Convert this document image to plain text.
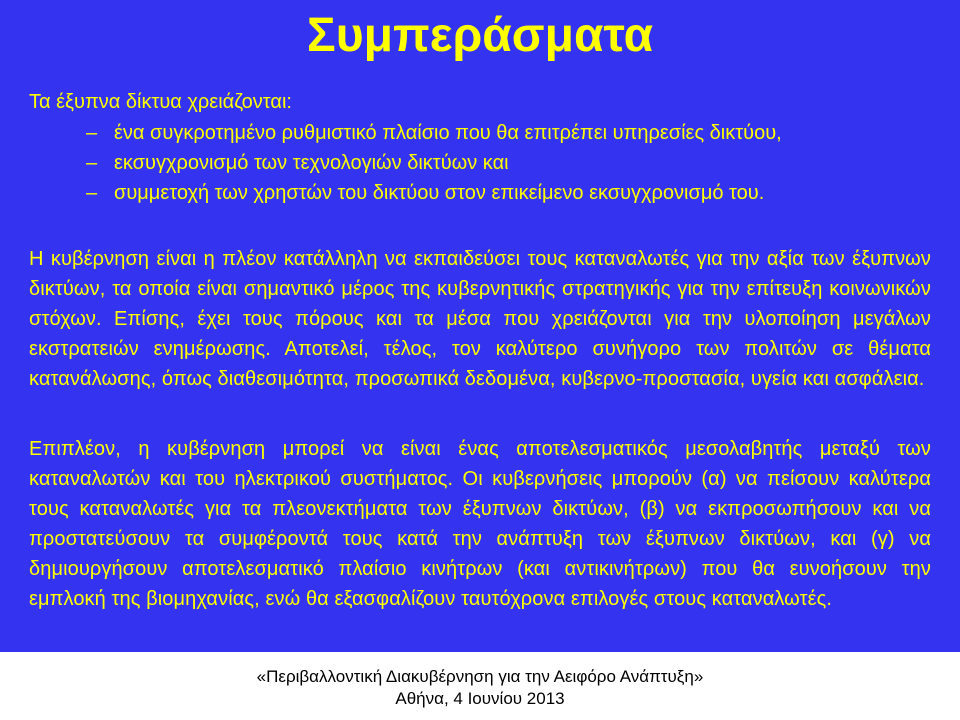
Συμπεράσματα
Τα έξυπνα δίκτυα χρειάζονται:
– ένα συγκροτημένο ρυθμιστικό πλαίσιο που θα επιτρέπει υπηρεσίες δικτύου,
– εκσυγχρονισμό των τεχνολογιών δικτύων και
– συμμετοχή των χρηστών του δικτύου στον επικείμενο εκσυγχρονισμό του.

Η κυβέρνηση είναι η πλέον κατάλληλη να εκπαιδεύσει τους καταναλωτές για την αξία των έξυπνων δικτύων, τα οποία είναι σημαντικό μέρος της κυβερνητικής στρατηγικής για την επίτευξη κοινωνικών στόχων. Επίσης, έχει τους πόρους και τα μέσα που χρειάζονται για την υλοποίηση μεγάλων εκστρατειών ενημέρωσης. Αποτελεί, τέλος, τον καλύτερο συνήγορο των πολιτών σε θέματα κατανάλωσης, όπως διαθεσιμότητα, προσωπικά δεδομένα, κυβερνο-προστασία, υγεία και ασφάλεια.

Επιπλέον, η κυβέρνηση μπορεί να είναι ένας αποτελεσματικός μεσολαβητής μεταξύ των καταναλωτών και του ηλεκτρικού συστήματος. Οι κυβερνήσεις μπορούν (α) να πείσουν καλύτερα τους καταναλωτές για τα πλεονεκτήματα των έξυπνων δικτύων, (β) να εκπροσωπήσουν και να προστατεύσουν τα συμφέροντά τους κατά την ανάπτυξη των έξυπνων δικτύων, και (γ) να δημιουργήσουν αποτελεσματικό πλαίσιο κινήτρων (και αντικινήτρων) που θα ευνοήσουν την εμπλοκή της βιομηχανίας, ενώ θα εξασφαλίζουν ταυτόχρονα επιλογές στους καταναλωτές.

«Περιβαλλοντική Διακυβέρνηση για την Αειφόρο Ανάπτυξη»
Αθήνα, 4 Ιουνίου 2013
